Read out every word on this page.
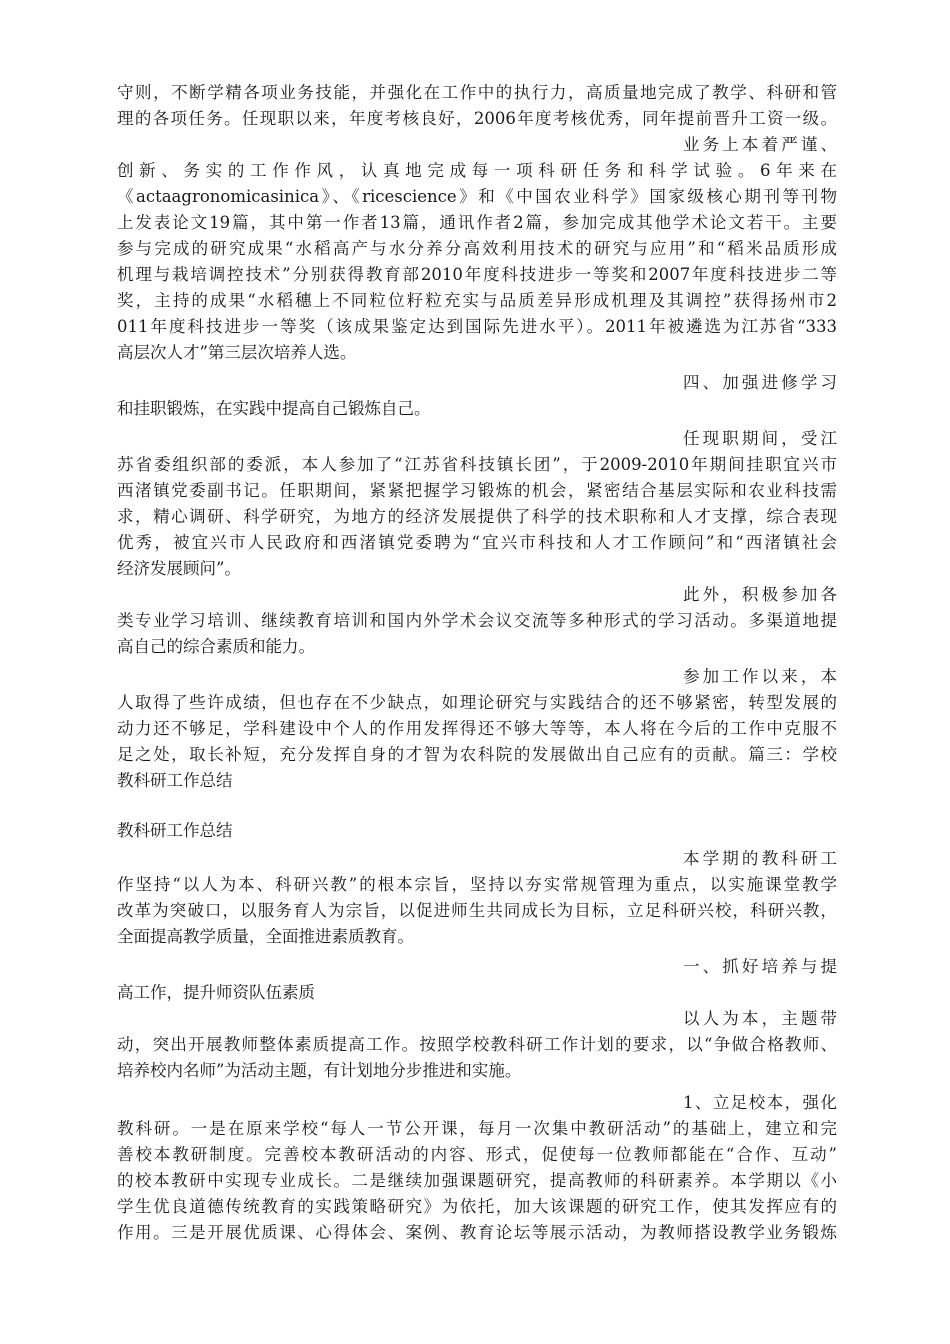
守则，不断学精各项业务技能，并强化在工作中的执行力，高质量地完成了教学、科研和管
理的各项任务。任现职以来，年度考核良好，2006年度考核优秀，同年提前晋升工资一级。
业务上本着严谨、
创新、务实的工作作风，认真地完成每一项科研任务和科学试验。6年来在
《actaagronomicasinica》、《ricescience》和《中国农业科学》国家级核心期刊等刊物
上发表论文19篇，其中第一作者13篇，通讯作者2篇，参加完成其他学术论文若干。主要
参与完成的研究成果“水稻高产与水分养分高效利用技术的研究与应用”和“稻米品质形成
机理与栽培调控技术”分别获得教育部2010年度科技进步一等奖和2007年度科技进步二等
奖，主持的成果“水稻穗上不同粒位籽粒充实与品质差异形成机理及其调控”获得扬州市2
011年度科技进步一等奖（该成果鉴定达到国际先进水平）。2011年被遴选为江苏省“333
高层次人才”第三层次培养人选。
四、加强进修学习
和挂职锻炼，在实践中提高自己锻炼自己。
任现职期间，受江
苏省委组织部的委派，本人参加了“江苏省科技镇长团”，于2009-2010年期间挂职宜兴市
西渚镇党委副书记。任职期间，紧紧把握学习锻炼的机会，紧密结合基层实际和农业科技需
求，精心调研、科学研究，为地方的经济发展提供了科学的技术职称和人才支撑，综合表现
优秀，被宜兴市人民政府和西渚镇党委聘为“宜兴市科技和人才工作顾问”和“西渚镇社会
经济发展顾问”。
此外，积极参加各
类专业学习培训、继续教育培训和国内外学术会议交流等多种形式的学习活动。多渠道地提
高自己的综合素质和能力。
参加工作以来，本
人取得了些许成绩，但也存在不少缺点，如理论研究与实践结合的还不够紧密，转型发展的
动力还不够足，学科建设中个人的作用发挥得还不够大等等，本人将在今后的工作中克服不
足之处，取长补短，充分发挥自身的才智为农科院的发展做出自己应有的贡献。篇三：学校
教科研工作总结
教科研工作总结
本学期的教科研工
作坚持“以人为本、科研兴教”的根本宗旨，坚持以夯实常规管理为重点，以实施课堂教学
改革为突破口，以服务育人为宗旨，以促进师生共同成长为目标，立足科研兴校，科研兴教，
全面提高教学质量，全面推进素质教育。
一、抓好培养与提
高工作，提升师资队伍素质
以人为本，主题带
动，突出开展教师整体素质提高工作。按照学校教科研工作计划的要求，以“争做合格教师、
培养校内名师”为活动主题，有计划地分步推进和实施。
1、立足校本，强化
教科研。一是在原来学校“每人一节公开课，每月一次集中教研活动”的基础上，建立和完
善校本教研制度。完善校本教研活动的内容、形式，促使每一位教师都能在“合作、互动”
的校本教研中实现专业成长。二是继续加强课题研究，提高教师的科研素养。本学期以《小
学生优良道德传统教育的实践策略研究》为依托，加大该课题的研究工作，使其发挥应有的
作用。三是开展优质课、心得体会、案例、教育论坛等展示活动，为教师搭设教学业务锻炼
